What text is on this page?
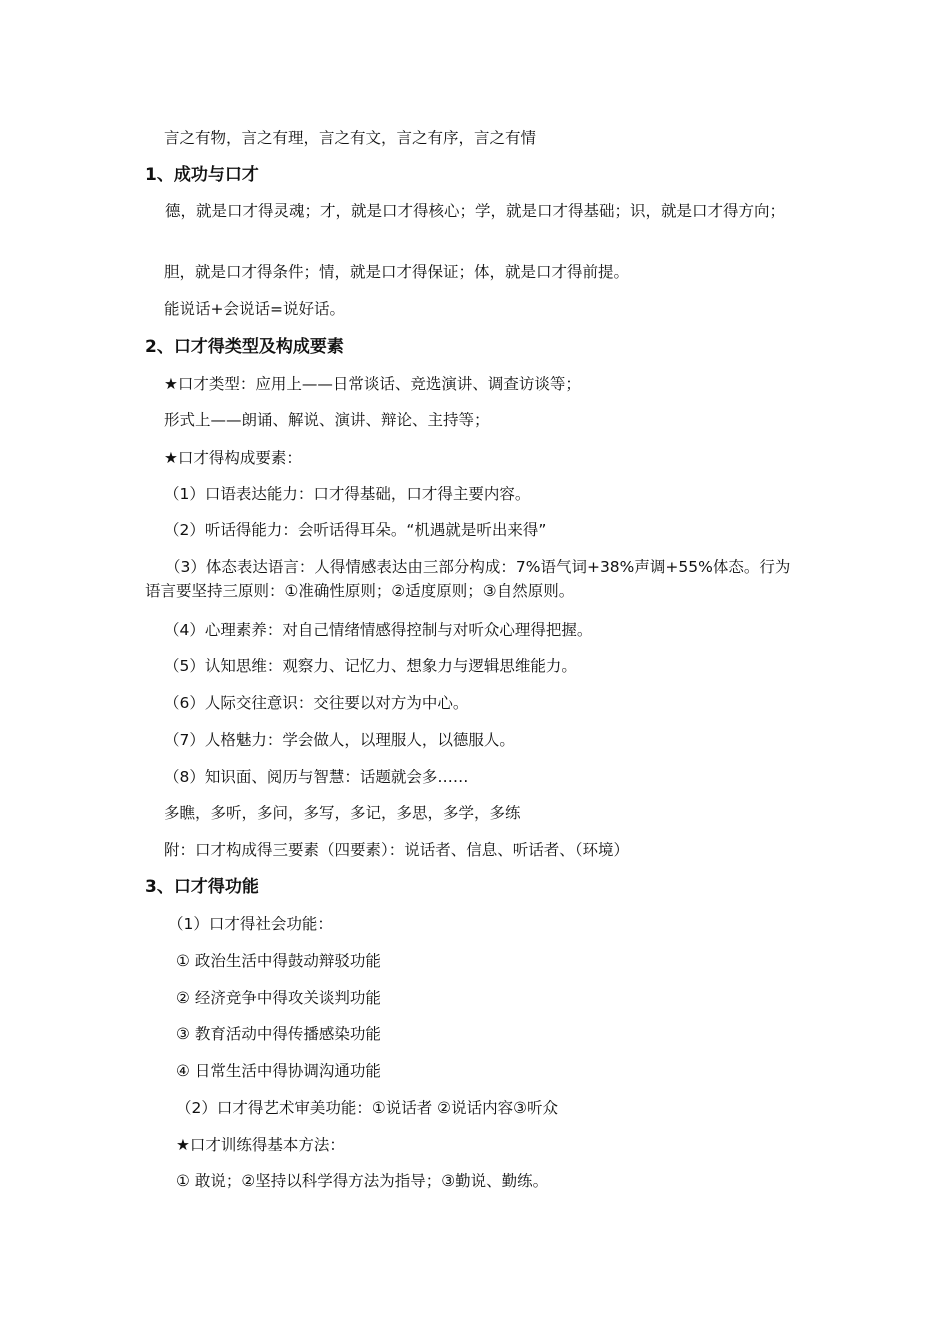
言之有物，言之有理，言之有文，言之有序，言之有情

1、成功与口才

德，就是口才得灵魂；才，就是口才得核心；学，就是口才得基础；识，就是口才得方向；

胆，就是口才得条件；情，就是口才得保证；体，就是口才得前提。

能说话+会说话=说好话。

2、口才得类型及构成要素

★口才类型：应用上——日常谈话、竞选演讲、调查访谈等；

形式上——朗诵、解说、演讲、辩论、主持等；

★口才得构成要素：

（1）口语表达能力：口才得基础，口才得主要内容。

（2）听话得能力：会听话得耳朵。“机遇就是听出来得”

（3）体态表达语言：人得情感表达由三部分构成：7%语气词+38%声调+55%体态。行为语言要坚持三原则：①准确性原则；②适度原则；③自然原则。

（4）心理素养：对自己情绪情感得控制与对听众心理得把握。

（5）认知思维：观察力、记忆力、想象力与逻辑思维能力。

（6）人际交往意识：交往要以对方为中心。

（7）人格魅力：学会做人，以理服人，以德服人。

（8）知识面、阅历与智慧：话题就会多……

多瞧，多听，多问，多写，多记，多思，多学，多练

附：口才构成得三要素（四要素）：说话者、信息、听话者、（环境）

3、口才得功能

（1）口才得社会功能：

① 政治生活中得鼓动辩驳功能

② 经济竞争中得攻关谈判功能

③ 教育活动中得传播感染功能

④ 日常生活中得协调沟通功能

（2）口才得艺术审美功能：①说话者 ②说话内容③听众

★口才训练得基本方法：

① 敢说；②坚持以科学得方法为指导；③勤说、勤练。
